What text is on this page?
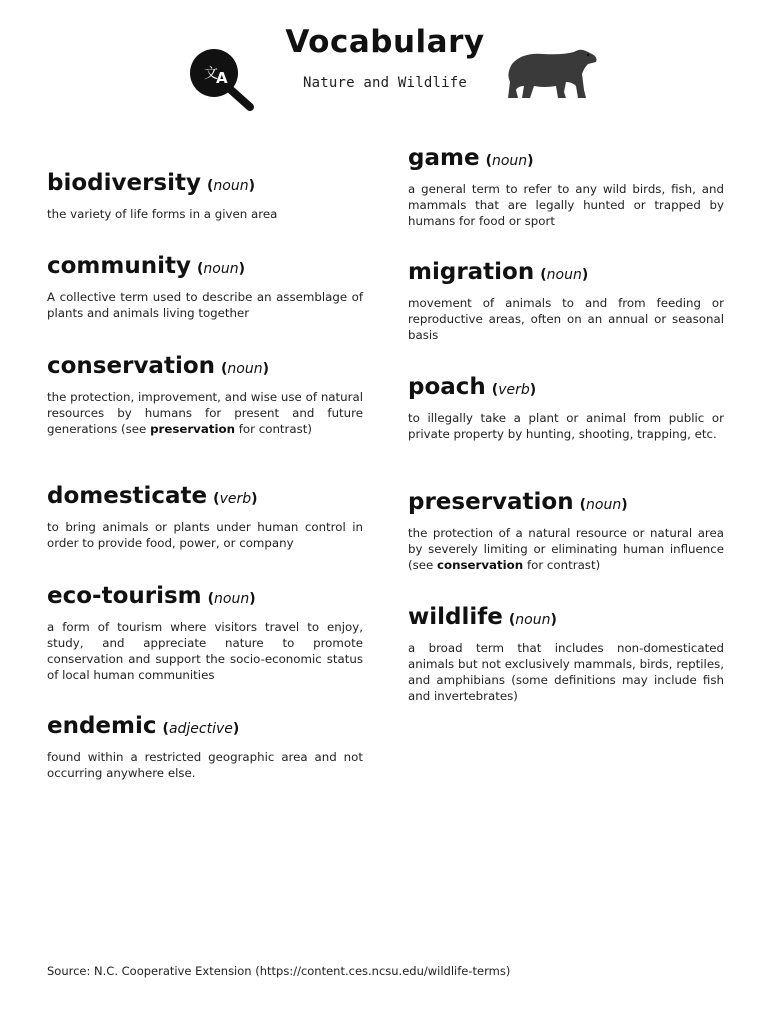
文
A
Vocabulary
Nature and Wildlife
biodiversity (noun)
the variety of life forms in a given area
community (noun)
A collective term used to describe an assemblage of plants and animals living together
conservation (noun)
the protection, improvement, and wise use of natural resources by humans for present and future generations (see preservation for contrast)
domesticate (verb)
to bring animals or plants under human control in order to provide food, power, or company
eco-tourism (noun)
a form of tourism where visitors travel to enjoy, study, and appreciate nature to promote conservation and support the socio-economic status of local human communities
endemic (adjective)
found within a restricted geographic area and not occurring anywhere else.
game (noun)
a general term to refer to any wild birds, fish, and mammals that are legally hunted or trapped by humans for food or sport
migration (noun)
movement of animals to and from feeding or reproductive areas, often on an annual or seasonal basis
poach (verb)
to illegally take a plant or animal from public or private property by hunting, shooting, trapping, etc.
preservation (noun)
the protection of a natural resource or natural area by severely limiting or eliminating human influence (see conservation for contrast)
wildlife (noun)
a broad term that includes non-domesticated animals but not exclusively mammals, birds, reptiles, and amphibians (some definitions may include fish and invertebrates)
Source: N.C. Cooperative Extension (https://content.ces.ncsu.edu/wildlife-terms)
